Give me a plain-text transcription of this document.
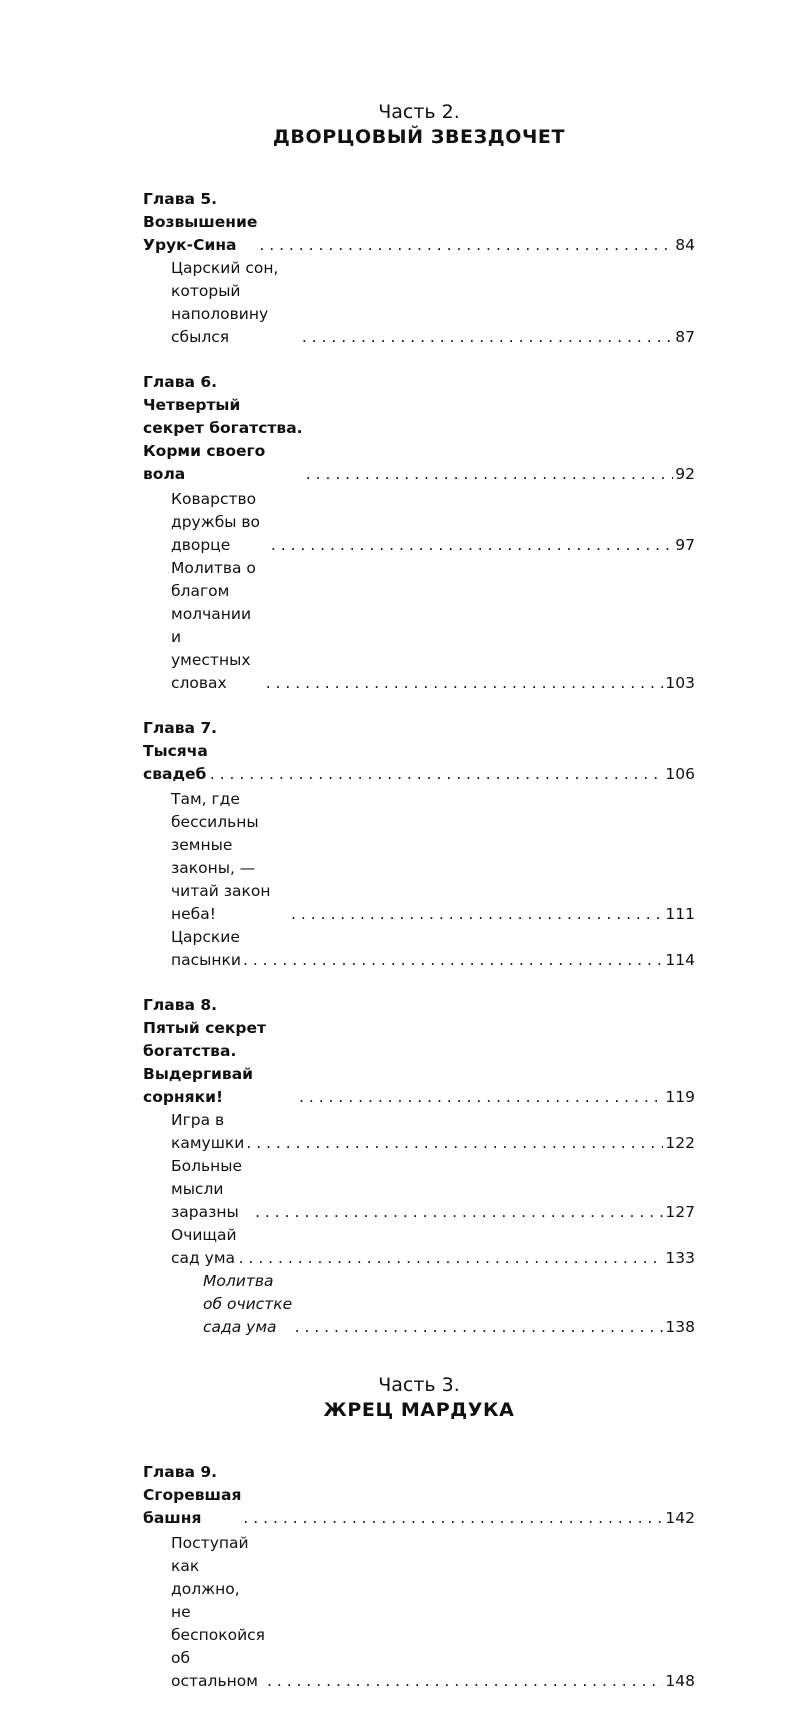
Часть 2.
ДВОРЦОВЫЙ ЗВЕЗДОЧЕТ
Глава 5.
Возвышение Урук-Сина . . .	84
Царский сон, который наполовину сбылся . . .	87
Глава 6.
Четвертый секрет богатства. Корми своего вола . . .	92
Коварство дружбы во дворце . . .	97
Молитва о благом молчании
и уместных словах . . .	103
Глава 7.
Тысяча свадеб . . .	106
Там, где бессильны земные законы, —
читай закон неба! . . .	111
Царские пасынки . . .	114
Глава 8.
Пятый секрет богатства. Выдергивай сорняки! . . .	119
Игра в камушки . . .	122
Больные мысли заразны . . .	127
Очищай сад ума . . .	133
Молитва об очистке сада ума . . .	138
Часть 3.
ЖРЕЦ МАРДУКА
Глава 9.
Сгоревшая башня . . .	142
Поступай как должно,
не беспокойся об остальном . . .	148
